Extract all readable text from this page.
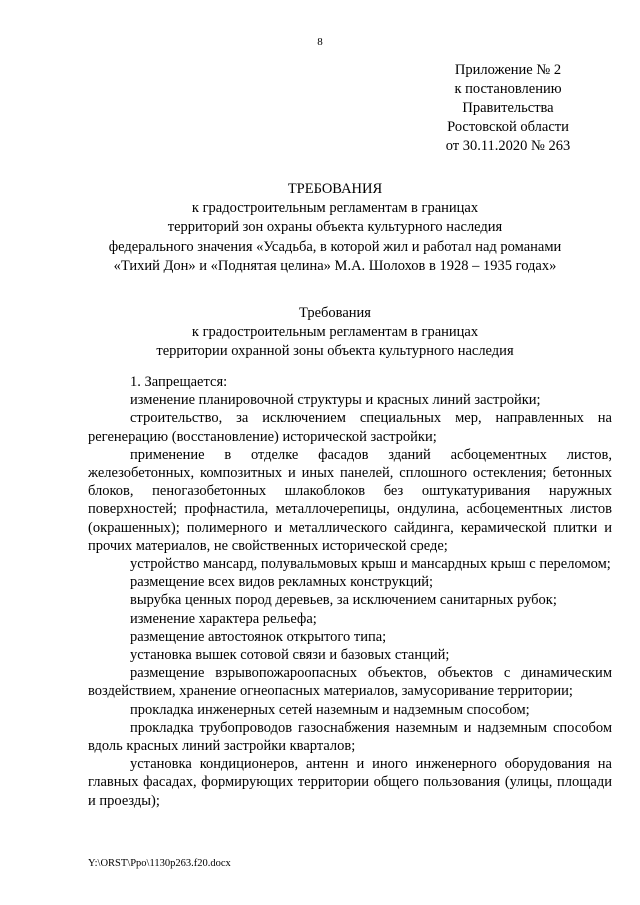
8
Приложение № 2
к постановлению
Правительства
Ростовской области
от 30.11.2020 № 263
ТРЕБОВАНИЯ
к градостроительным регламентам в границах
территорий зон охраны объекта культурного наследия
федерального значения «Усадьба, в которой жил и работал над романами
«Тихий Дон» и «Поднятая целина» М.А. Шолохов в 1928 – 1935 годах»
Требования
к градостроительным регламентам в границах
территории охранной зоны объекта культурного наследия

1. Запрещается:

изменение планировочной структуры и красных линий застройки;

строительство, за исключением специальных мер, направленных на регенерацию (восстановление) исторической застройки;

применение в отделке фасадов зданий асбоцементных листов, железобетонных, композитных и иных панелей, сплошного остекления; бетонных блоков, пеногазобетонных шлакоблоков без оштукатуривания наружных поверхностей; профнастила, металлочерепицы, ондулина, асбоцементных листов (окрашенных); полимерного и металлического сайдинга, керамической плитки и прочих материалов, не свойственных исторической среде;

устройство мансард, полувальмовых крыш и мансардных крыш с переломом;

размещение всех видов рекламных конструкций;

вырубка ценных пород деревьев, за исключением санитарных рубок;

изменение характера рельефа;

размещение автостоянок открытого типа;

установка вышек сотовой связи и базовых станций;

размещение взрывопожароопасных объектов, объектов с динамическим воздействием, хранение огнеопасных материалов, замусоривание территории;

прокладка инженерных сетей наземным и надземным способом;

прокладка трубопроводов газоснабжения наземным и надземным способом вдоль красных линий застройки кварталов;

установка кондиционеров, антенн и иного инженерного оборудования на главных фасадах, формирующих территории общего пользования (улицы, площади и проезды);

Y:\ORST\Ppo\1130p263.f20.docx
